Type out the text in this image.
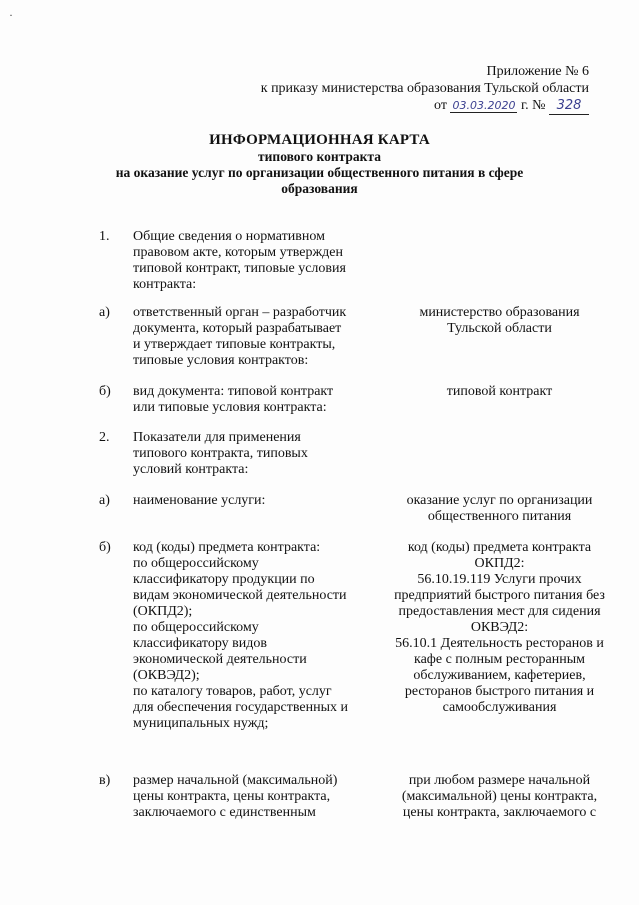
·
Приложение № 6
к приказу министерства образования Тульской области
от 03.03.2020 г. № 328
ИНФОРМАЦИОННАЯ КАРТА
типового контракта
на оказание услуг по организации общественного питания в сфере
образования
1. Общие сведения о нормативном
правовом акте, которым утвержден
типовой контракт, типовые условия
контракта:
а) ответственный орган – разработчик
документа, который разрабатывает
и утверждает типовые контракты,
типовые условия контрактов:
министерство образования
Тульской области
б) вид документа: типовой контракт
или типовые условия контракта:
типовой контракт
2. Показатели для применения
типового контракта, типовых
условий контракта:
а) наименование услуги:	оказание услуг по организации
общественного питания
б) код (коды) предмета контракта:
по общероссийскому
классификатору продукции по
видам экономической деятельности
(ОКПД2);
по общероссийскому
классификатору видов
экономической деятельности
(ОКВЭД2);
по каталогу товаров, работ, услуг
для обеспечения государственных и
муниципальных нужд;
код (коды) предмета контракта
ОКПД2:
56.10.19.119 Услуги прочих
предприятий быстрого питания без
предоставления мест для сидения
ОКВЭД2:
56.10.1 Деятельность ресторанов и
кафе с полным ресторанным
обслуживанием, кафетериев,
ресторанов быстрого питания и
самообслуживания
в) размер начальной (максимальной)
цены контракта, цены контракта,
заключаемого с единственным
при любом размере начальной
(максимальной) цены контракта,
цены контракта, заключаемого с
